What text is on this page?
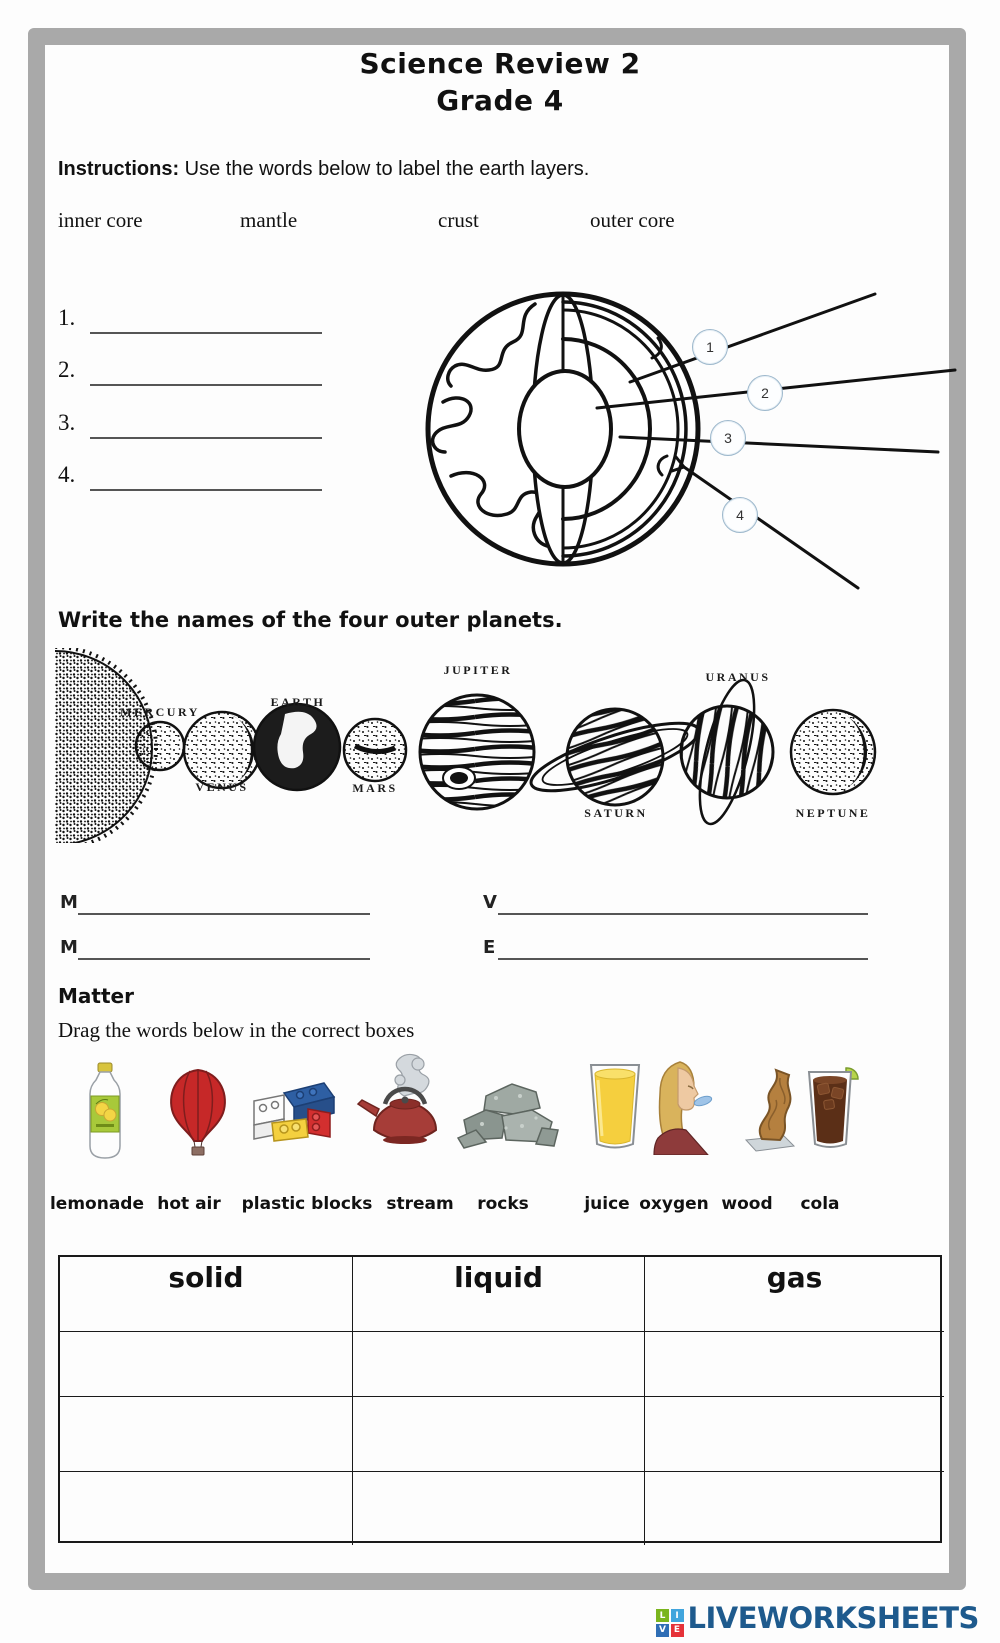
Science Review 2
Grade 4
Instructions: Use the words below to label the earth layers.
inner core	mantle	crust	outer core
1.
2.
3.
4.
1
2
3
4
Write the names of the four outer planets.
MERCURY
VENUS
EARTH
MARS
JUPITER
SATURN
URANUS
NEPTUNE
M	V
M	E
Matter
Drag the words below in the correct boxes
lemonade hot air plastic blocks stream rocks	juice oxygen wood cola
solid	liquid	gas
L	I
V E LIVEWORKSHEETS
